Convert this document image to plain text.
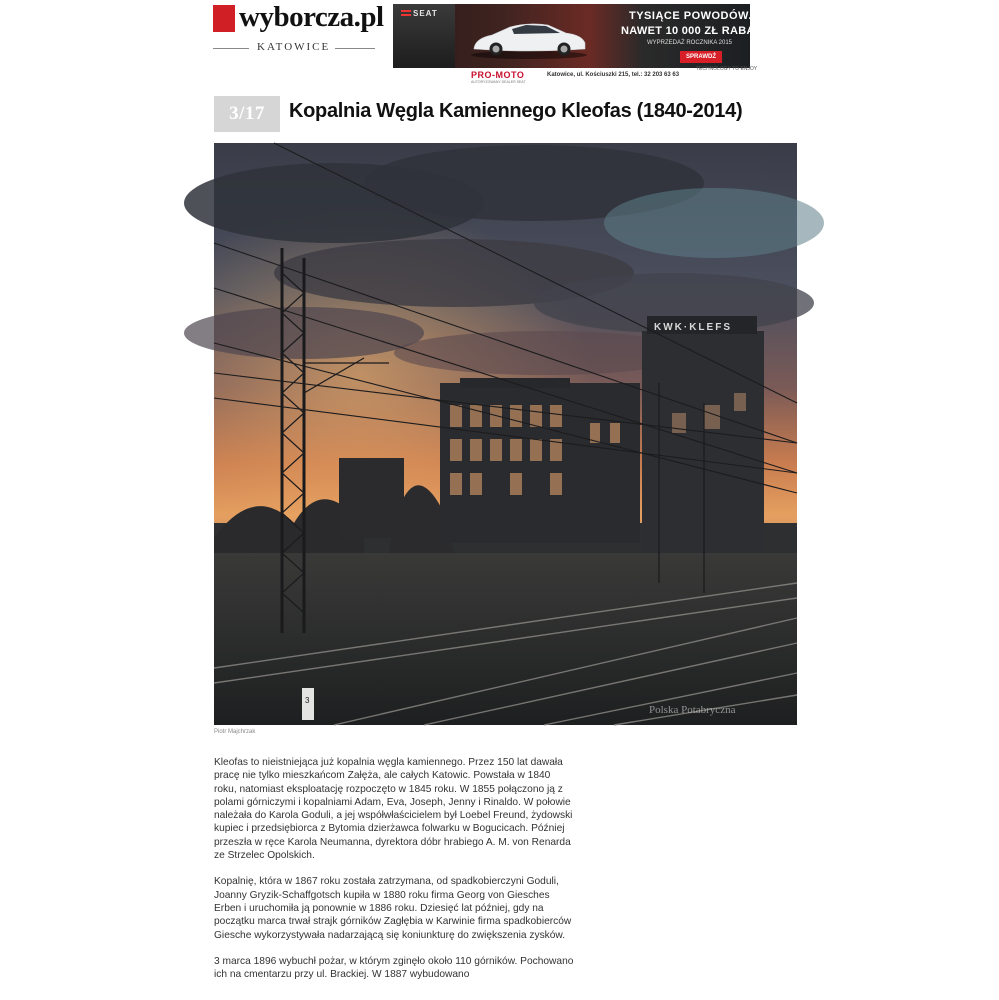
wyborcza.pl
KATOWICE
SEAT	TYSIĄCE POWODÓW...
NAWET 10 000 ZŁ RABATU
WYPRZEDAŻ ROCZNIKA 2015
SPRAWDŹ
PRO-MOTO
AUTORYZOWANY DEALER SEAT
Katowice, ul. Kościuszki 215, tel.: 32 203 63 63
TECHNOLOGY TO ENJOY
3/17	Kopalnia Węgla Kamiennego Kleofas (1840-2014)
KWK·KLEFS
3
Polska Potabryczna
Piotr Majchrzak

Kleofas to nieistniejąca już kopalnia węgla kamiennego. Przez 150 lat dawała pracę nie tylko mieszkańcom Załęża, ale całych Katowic. Powstała w 1840 roku, natomiast eksploatację rozpoczęto w 1845 roku. W 1855 połączono ją z polami górniczymi i kopalniami Adam, Eva, Joseph, Jenny i Rinaldo. W połowie należała do Karola Goduli, a jej współwłaścicielem był Loebel Freund, żydowski kupiec i przedsiębiorca z Bytomia dzierżawca folwarku w Bogucicach. Później przeszła w ręce Karola Neumanna, dyrektora dóbr hrabiego A. M. von Renarda ze Strzelec Opolskich.

Kopalnię, która w 1867 roku została zatrzymana, od spadkobierczyni Goduli, Joanny Gryzik-Schaffgotsch kupiła w 1880 roku firma Georg von Giesches Erben i uruchomiła ją ponownie w 1886 roku. Dziesięć lat później, gdy na początku marca trwał strajk górników Zagłębia w Karwinie firma spadkobierców Giesche wykorzystywała nadarzającą się koniunkturę do zwiększenia zysków.

3 marca 1896 wybuchł pożar, w którym zginęło około 110 górników. Pochowano ich na cmentarzu przy ul. Brackiej. W 1887 wybudowano
